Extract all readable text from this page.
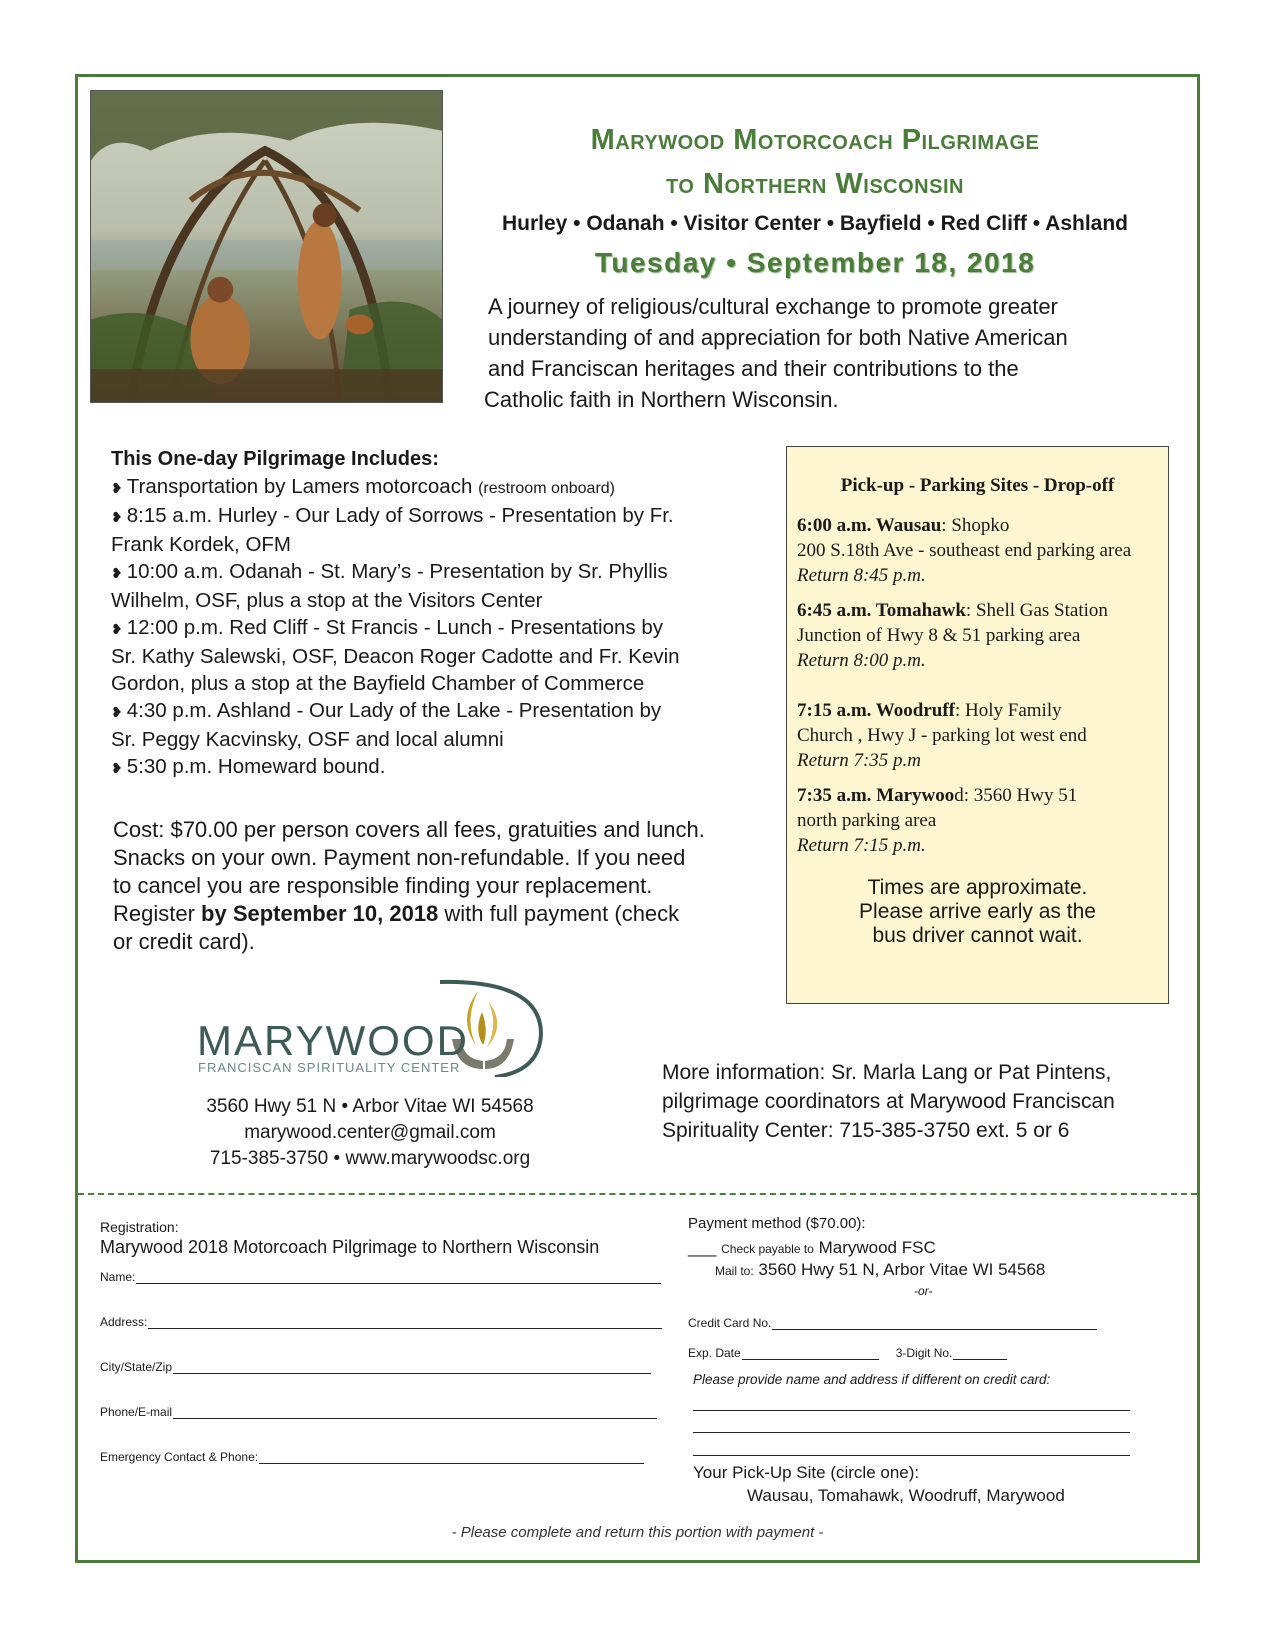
Marywood Motorcoach Pilgrimage
to Northern Wisconsin
Hurley • Odanah • Visitor Center • Bayfield • Red Cliff • Ashland
Tuesday • September 18, 2018
A journey of religious/cultural exchange to promote greater
understanding of and appreciation for both Native American
and Franciscan heritages and their contributions to the
Catholic faith in Northern Wisconsin.
This One-day Pilgrimage Includes:
❥ Transportation by Lamers motorcoach (restroom onboard)
❥ 8:15 a.m. Hurley - Our Lady of Sorrows - Presentation by Fr.
Frank Kordek, OFM
❥ 10:00 a.m. Odanah - St. Mary’s - Presentation by Sr. Phyllis
Wilhelm, OSF, plus a stop at the Visitors Center
❥ 12:00 p.m. Red Cliff - St Francis - Lunch - Presentations by
Sr. Kathy Salewski, OSF, Deacon Roger Cadotte and Fr. Kevin
Gordon, plus a stop at the Bayfield Chamber of Commerce
❥ 4:30 p.m. Ashland - Our Lady of the Lake - Presentation by
Sr. Peggy Kacvinsky, OSF and local alumni
❥ 5:30 p.m. Homeward bound.
Cost: $70.00 per person covers all fees, gratuities and lunch.
Snacks on your own. Payment non-refundable. If you need
to cancel you are responsible finding your replacement.
Register by September 10, 2018 with full payment (check
or credit card).
Pick-up - Parking Sites - Drop-off
6:00 a.m. Wausau: Shopko
200 S.18th Ave - southeast end parking area
Return 8:45 p.m.
6:45 a.m. Tomahawk: Shell Gas Station
Junction of Hwy 8 & 51 parking area
Return 8:00 p.m.
7:15 a.m. Woodruff: Holy Family
Church , Hwy J - parking lot west end
Return 7:35 p.m
7:35 a.m. Marywood: 3560 Hwy 51
north parking area
Return 7:15 p.m.
Times are approximate.
Please arrive early as the
bus driver cannot wait.
MARYWOOD
FRANCISCAN SPIRITUALITY CENTER
3560 Hwy 51 N • Arbor Vitae WI 54568
marywood.center@gmail.com
715-385-3750 • www.marywoodsc.org
More information: Sr. Marla Lang or Pat Pintens,
pilgrimage coordinators at Marywood Franciscan
Spirituality Center: 715-385-3750 ext. 5 or 6
Registration:
Marywood 2018 Motorcoach Pilgrimage to Northern Wisconsin
Name:
Address:
City/State/Zip
Phone/E-mail
Emergency Contact & Phone:
Payment method ($70.00):
___ Check payable to Marywood FSC
Mail to: 3560 Hwy 51 N, Arbor Vitae WI 54568
-or-
Credit Card No.
Exp. Date	3-Digit No.
Please provide name and address if different on credit card:
Your Pick-Up Site (circle one):
Wausau, Tomahawk, Woodruff, Marywood
- Please complete and return this portion with payment -
